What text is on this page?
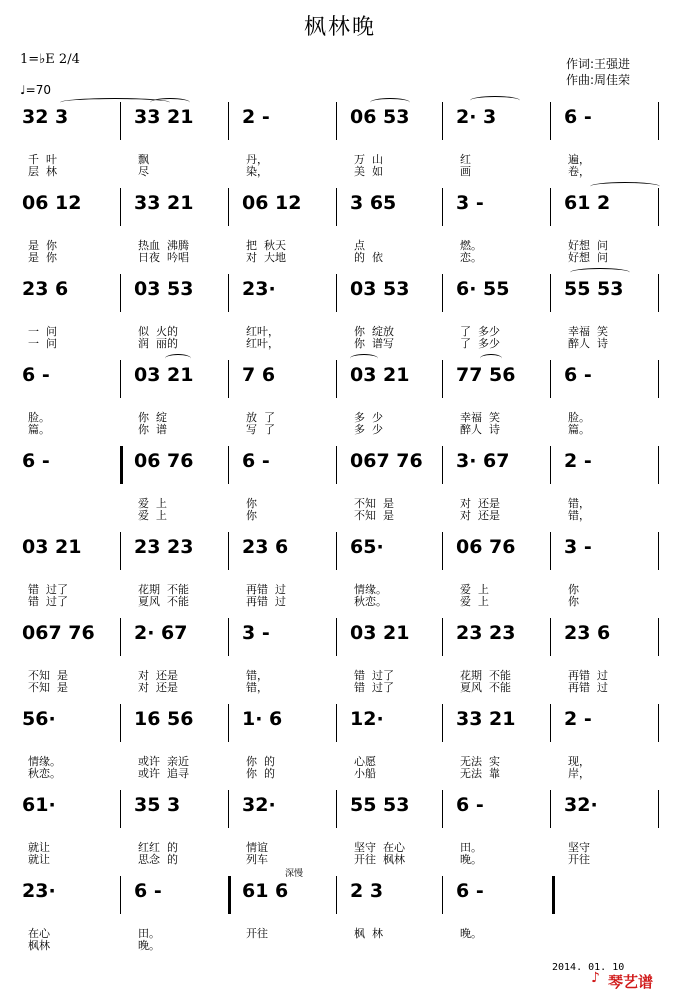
枫林晚
1=♭E 2/4
♩=70
作词:王强进
作曲:周佳荣
32 3
千  叶
层  林
33 21
飘
尽
2 -
丹，
染，
06 53
万  山
美  如
2· 3
红
画
6 -
遍，
卷，
06 12
是  你
是  你
33 21
热血  沸腾
日夜  吟唱
06 12
把  秋天
对  大地
3 65
点
的  依
3 -
燃。
恋。
61 2
好想  问
好想  问
23 6
一  问
一  问
03 53
似  火的
润  丽的
23·
红叶，
红叶，
03 53
你  绽放
你  谱写
6· 55
了  多少
了  多少
55 53
幸福  笑
醉人  诗
6 -
脸。
篇。
03 21
你  绽
你  谱
7 6
放  了
写  了
03 21
多  少
多  少
77 56
幸福  笑
醉人  诗
6 -
脸。
篇。
6 -	06 76
爱  上
爱  上
6 -
你
你
067 76
不知  是
不知  是
3· 67
对  还是
对  还是
2 -
错，
错，
03 21
错  过了
错  过了
23 23
花期  不能
夏风  不能
23 6
再错  过
再错  过
65·
情缘。
秋恋。
06 76
爱  上
爱  上
3 -
你
你
067 76
不知  是
不知  是
2· 67
对  还是
对  还是
3 -
错，
错，
03 21
错  过了
错  过了
23 23
花期  不能
夏风  不能
23 6
再错  过
再错  过
56·
情缘。
秋恋。
16 56
或许  亲近
或许  追寻
1· 6
你  的
你  的
12·
心愿
小船
33 21
无法  实
无法  靠
2 -
现，
岸，
61·
就让
就让
35 3
红红  的
思念  的
32·
情谊
列车
55 53
坚守  在心
开往  枫林
6 -
田。
晚。
32·
坚守
开往
23·
在心
枫林
6 -
田。
晚。
61 6
开往
2 3
枫  林
6 -
晚。
深慢
2014. 01. 10
♪ 琴艺谱
